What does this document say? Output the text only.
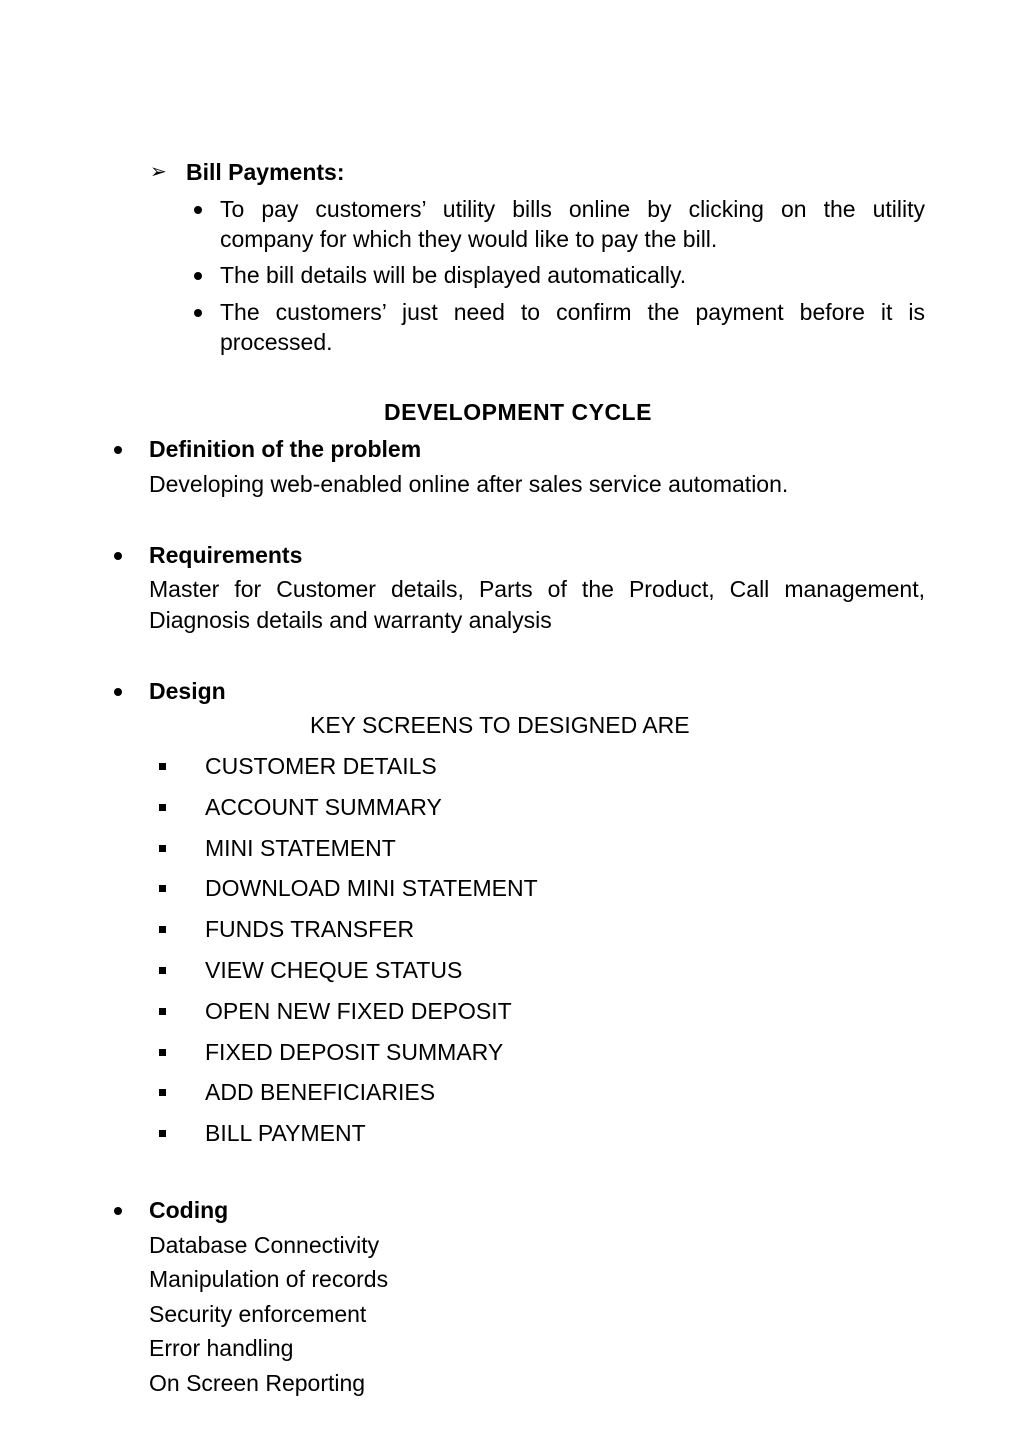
➢ Bill Payments:
To pay customers’ utility bills online by clicking on the utility
company for which they would like to pay the bill.
The bill details will be displayed automatically.
The customers’ just need to confirm the payment before it is
processed.
DEVELOPMENT CYCLE
Definition of the problem
Developing web-enabled online after sales service automation.
Requirements
Master for Customer details, Parts of the Product, Call management,
Diagnosis details and warranty analysis
Design
KEY SCREENS TO DESIGNED ARE
CUSTOMER DETAILS
ACCOUNT SUMMARY
MINI STATEMENT
DOWNLOAD MINI STATEMENT
FUNDS TRANSFER
VIEW CHEQUE STATUS
OPEN NEW FIXED DEPOSIT
FIXED DEPOSIT SUMMARY
ADD BENEFICIARIES
BILL PAYMENT
Coding
Database Connectivity
Manipulation of records
Security enforcement
Error handling
On Screen Reporting
